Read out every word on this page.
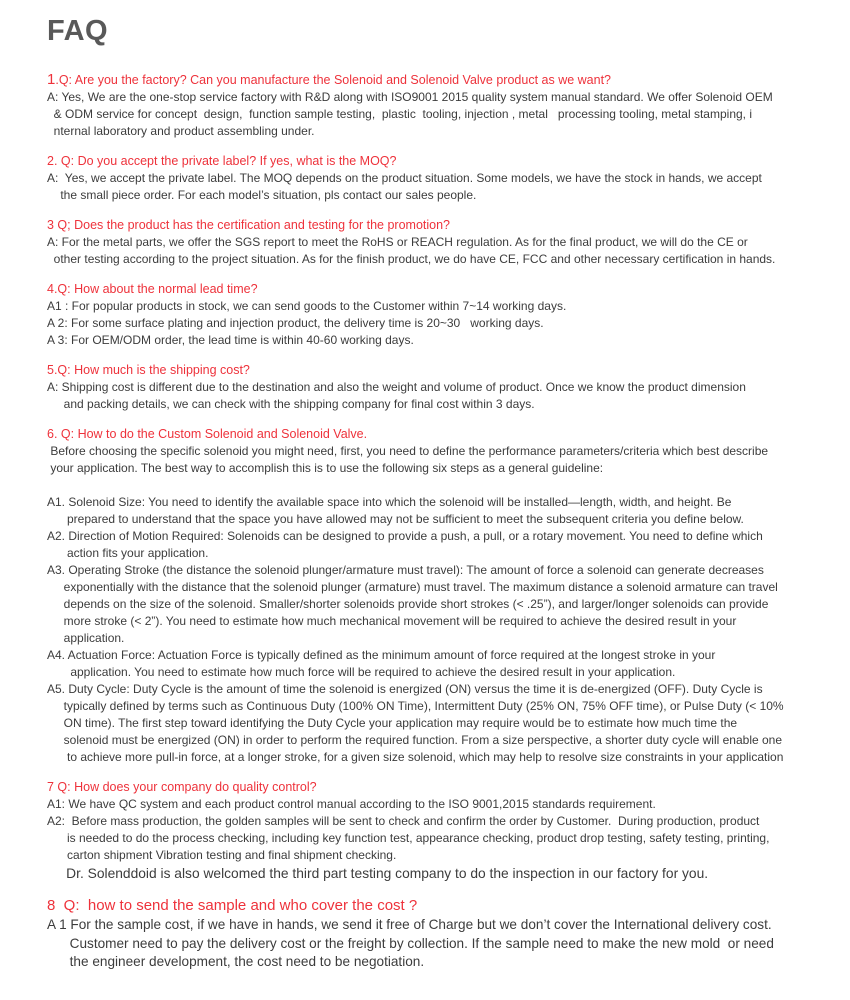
FAQ
1.Q: Are you the factory? Can you manufacture the Solenoid and Solenoid Valve product as we want?
A: Yes, We are the one-stop service factory with R&D along with ISO9001 2015 quality system manual standard. We offer Solenoid OEM
& ODM service for concept  design,  function sample testing,  plastic  tooling, injection , metal   processing tooling, metal stamping, i
nternal laboratory and product assembling under.
2. Q: Do you accept the private label? If yes, what is the MOQ?
A:  Yes, we accept the private label. The MOQ depends on the product situation. Some models, we have the stock in hands, we accept
the small piece order. For each model’s situation, pls contact our sales people.
3 Q; Does the product has the certification and testing for the promotion?
A: For the metal parts, we offer the SGS report to meet the RoHS or REACH regulation. As for the final product, we will do the CE or
other testing according to the project situation. As for the finish product, we do have CE, FCC and other necessary certification in hands.
4.Q: How about the normal lead time?
A1 : For popular products in stock, we can send goods to the Customer within 7~14 working days.
A 2: For some surface plating and injection product, the delivery time is 20~30   working days.
A 3: For OEM/ODM order, the lead time is within 40-60 working days.
5.Q: How much is the shipping cost?
A: Shipping cost is different due to the destination and also the weight and volume of product. Once we know the product dimension
and packing details, we can check with the shipping company for final cost within 3 days.
6. Q: How to do the Custom Solenoid and Solenoid Valve.
Before choosing the specific solenoid you might need, first, you need to define the performance parameters/criteria which best describe
your application. The best way to accomplish this is to use the following six steps as a general guideline:
A1. Solenoid Size: You need to identify the available space into which the solenoid will be installed—length, width, and height. Be
prepared to understand that the space you have allowed may not be sufficient to meet the subsequent criteria you define below.
A2. Direction of Motion Required: Solenoids can be designed to provide a push, a pull, or a rotary movement. You need to define which
action fits your application.
A3. Operating Stroke (the distance the solenoid plunger/armature must travel): The amount of force a solenoid can generate decreases
exponentially with the distance that the solenoid plunger (armature) must travel. The maximum distance a solenoid armature can travel
depends on the size of the solenoid. Smaller/shorter solenoids provide short strokes (< .25”), and larger/longer solenoids can provide
more stroke (< 2”). You need to estimate how much mechanical movement will be required to achieve the desired result in your
application.
A4. Actuation Force: Actuation Force is typically defined as the minimum amount of force required at the longest stroke in your
application. You need to estimate how much force will be required to achieve the desired result in your application.
A5. Duty Cycle: Duty Cycle is the amount of time the solenoid is energized (ON) versus the time it is de-energized (OFF). Duty Cycle is
typically defined by terms such as Continuous Duty (100% ON Time), Intermittent Duty (25% ON, 75% OFF time), or Pulse Duty (< 10%
ON time). The first step toward identifying the Duty Cycle your application may require would be to estimate how much time the
solenoid must be energized (ON) in order to perform the required function. From a size perspective, a shorter duty cycle will enable one
to achieve more pull-in force, at a longer stroke, for a given size solenoid, which may help to resolve size constraints in your application
7 Q: How does your company do quality control?
A1: We have QC system and each product control manual according to the ISO 9001,2015 standards requirement.
A2:  Before mass production, the golden samples will be sent to check and confirm the order by Customer.  During production, product
is needed to do the process checking, including key function test, appearance checking, product drop testing, safety testing, printing,
carton shipment Vibration testing and final shipment checking.
Dr. Solenddoid is also welcomed the third part testing company to do the inspection in our factory for you.
8  Q:  how to send the sample and who cover the cost ?
A 1 For the sample cost, if we have in hands, we send it free of Charge but we don’t cover the International delivery cost.
Customer need to pay the delivery cost or the freight by collection. If the sample need to make the new mold  or need
the engineer development, the cost need to be negotiation.
